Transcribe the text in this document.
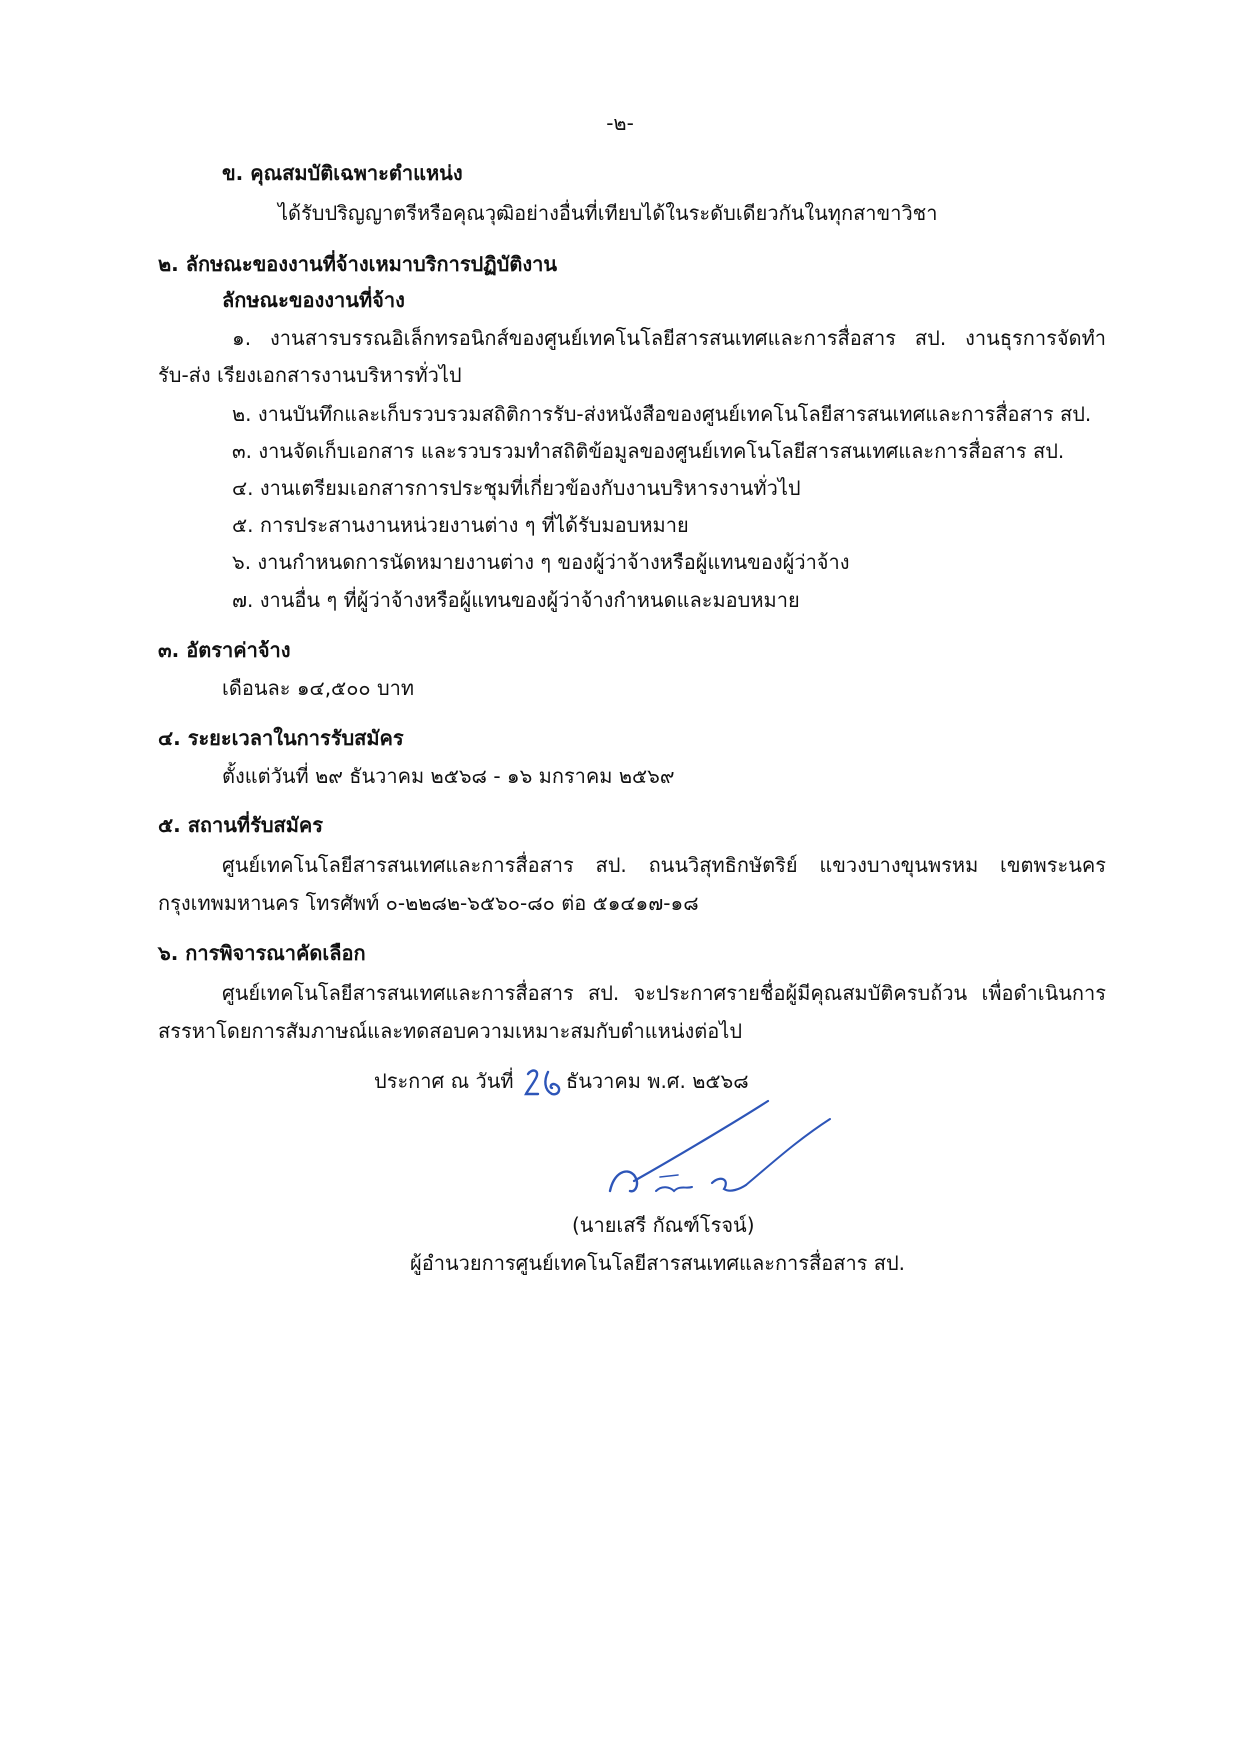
-๒-
ข. คุณสมบัติเฉพาะตำแหน่ง
ได้รับปริญญาตรีหรือคุณวุฒิอย่างอื่นที่เทียบได้ในระดับเดียวกันในทุกสาขาวิชา
๒. ลักษณะของงานที่จ้างเหมาบริการปฏิบัติงาน
ลักษณะของงานที่จ้าง
๑. งานสารบรรณอิเล็กทรอนิกส์ของศูนย์เทคโนโลยีสารสนเทศและการสื่อสาร สป. งานธุรการจัดทำ
รับ-ส่ง เรียงเอกสารงานบริหารทั่วไป
๒. งานบันทึกและเก็บรวบรวมสถิติการรับ-ส่งหนังสือของศูนย์เทคโนโลยีสารสนเทศและการสื่อสาร สป.
๓. งานจัดเก็บเอกสาร และรวบรวมทำสถิติข้อมูลของศูนย์เทคโนโลยีสารสนเทศและการสื่อสาร สป.
๔. งานเตรียมเอกสารการประชุมที่เกี่ยวข้องกับงานบริหารงานทั่วไป
๕. การประสานงานหน่วยงานต่าง ๆ ที่ได้รับมอบหมาย
๖. งานกำหนดการนัดหมายงานต่าง ๆ ของผู้ว่าจ้างหรือผู้แทนของผู้ว่าจ้าง
๗. งานอื่น ๆ ที่ผู้ว่าจ้างหรือผู้แทนของผู้ว่าจ้างกำหนดและมอบหมาย
๓. อัตราค่าจ้าง
เดือนละ ๑๔,๕๐๐ บาท
๔. ระยะเวลาในการรับสมัคร
ตั้งแต่วันที่ ๒๙ ธันวาคม ๒๕๖๘ - ๑๖ มกราคม ๒๕๖๙
๕. สถานที่รับสมัคร
ศูนย์เทคโนโลยีสารสนเทศและการสื่อสาร สป. ถนนวิสุทธิกษัตริย์ แขวงบางขุนพรหม เขตพระนคร
กรุงเทพมหานคร โทรศัพท์ ๐-๒๒๘๒-๖๕๖๐-๘๐ ต่อ ๕๑๔๑๗-๑๘
๖. การพิจารณาคัดเลือก
ศูนย์เทคโนโลยีสารสนเทศและการสื่อสาร สป. จะประกาศรายชื่อผู้มีคุณสมบัติครบถ้วน เพื่อดำเนินการ
สรรหาโดยการสัมภาษณ์และทดสอบความเหมาะสมกับตำแหน่งต่อไป
ประกาศ ณ วันที่	ธันวาคม พ.ศ. ๒๕๖๘
(นายเสรี กัณฑ์โรจน์)
ผู้อำนวยการศูนย์เทคโนโลยีสารสนเทศและการสื่อสาร สป.
